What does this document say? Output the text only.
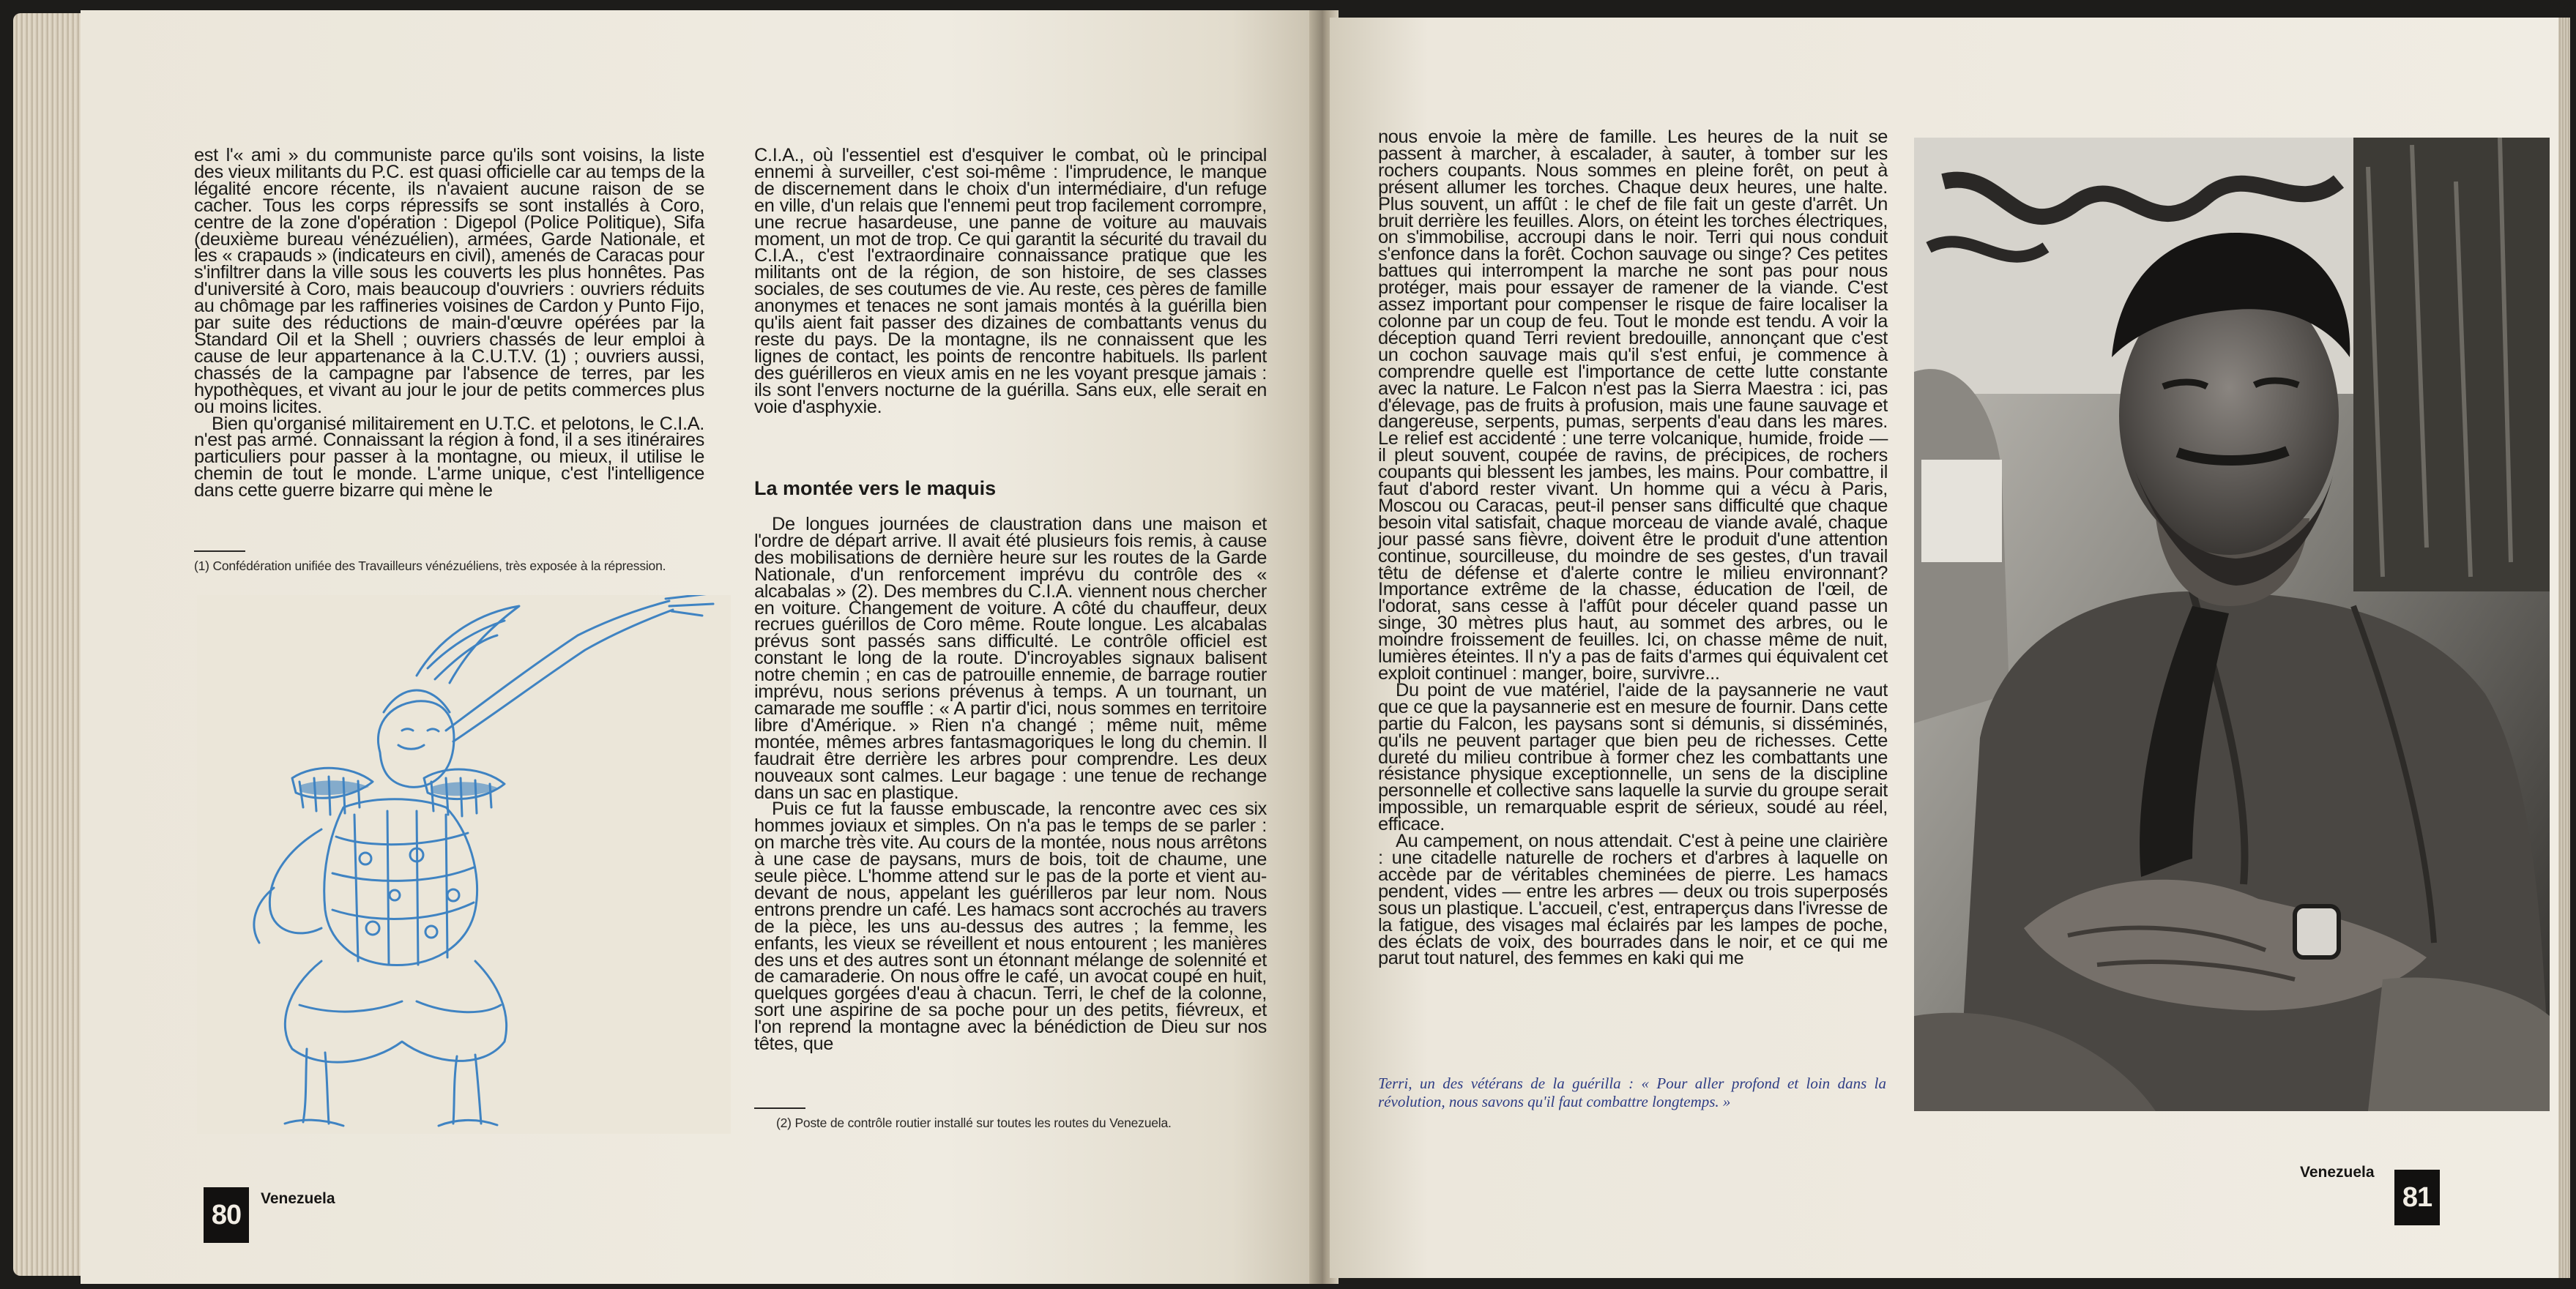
est l'« ami » du communiste parce qu'ils sont voisins, la liste des vieux militants du P.C. est quasi officielle car au temps de la légalité encore récente, ils n'avaient aucune raison de se cacher. Tous les corps répressifs se sont installés à Coro, centre de la zone d'opération : Digepol (Police Politique), Sifa (deuxième bureau vénézuélien), armées, Garde Nationale, et les « crapauds » (indicateurs en civil), amenés de Caracas pour s'infiltrer dans la ville sous les couverts les plus honnêtes. Pas d'université à Coro, mais beaucoup d'ouvriers : ouvriers réduits au chômage par les raffineries voisines de Cardon y Punto Fijo, par suite des réductions de main-d'œuvre opérées par la Standard Oil et la Shell ; ouvriers chassés de leur emploi à cause de leur appartenance à la C.U.T.V. (1) ; ouvriers aussi, chassés de la campagne par l'absence de terres, par les hypothèques, et vivant au jour le jour de petits commerces plus ou moins licites.

Bien qu'organisé militairement en U.T.C. et pelotons, le C.I.A. n'est pas armé. Connaissant la région à fond, il a ses itinéraires particuliers pour passer à la montagne, ou mieux, il utilise le chemin de tout le monde. L'arme unique, c'est l'intelligence dans cette guerre bizarre qui mène le

(1) Confédération unifiée des Travailleurs vénézuéliens, très exposée à la répression.

C.I.A., où l'essentiel est d'esquiver le combat, où le principal ennemi à surveiller, c'est soi-même : l'imprudence, le manque de discernement dans le choix d'un intermédiaire, d'un refuge en ville, d'un relais que l'ennemi peut trop facilement corrompre, une recrue hasardeuse, une panne de voiture au mauvais moment, un mot de trop. Ce qui garantit la sécurité du travail du C.I.A., c'est l'extraordinaire connaissance pratique que les militants ont de la région, de son histoire, de ses classes sociales, de ses coutumes de vie. Au reste, ces pères de famille anonymes et tenaces ne sont jamais montés à la guérilla bien qu'ils aient fait passer des dizaines de combattants venus du reste du pays. De la montagne, ils ne connaissent que les lignes de contact, les points de rencontre habituels. Ils parlent des guérilleros en vieux amis en ne les voyant presque jamais : ils sont l'envers nocturne de la guérilla. Sans eux, elle serait en voie d'asphyxie.

La montée vers le maquis

De longues journées de claustration dans une maison et l'ordre de départ arrive. Il avait été plusieurs fois remis, à cause des mobilisations de dernière heure sur les routes de la Garde Nationale, d'un renforcement imprévu du contrôle des « alcabalas » (2). Des membres du C.I.A. viennent nous chercher en voiture. Changement de voiture. A côté du chauffeur, deux recrues guérillos de Coro même. Route longue. Les alcabalas prévus sont passés sans difficulté. Le contrôle officiel est constant le long de la route. D'incroyables signaux balisent notre chemin ; en cas de patrouille ennemie, de barrage routier imprévu, nous serions prévenus à temps. A un tournant, un camarade me souffle : « A partir d'ici, nous sommes en territoire libre d'Amérique. » Rien n'a changé ; même nuit, même montée, mêmes arbres fantasmagoriques le long du chemin. Il faudrait être derrière les arbres pour comprendre. Les deux nouveaux sont calmes. Leur bagage : une tenue de rechange dans un sac en plastique.

Puis ce fut la fausse embuscade, la rencontre avec ces six hommes joviaux et simples. On n'a pas le temps de se parler : on marche très vite. Au cours de la montée, nous nous arrêtons à une case de paysans, murs de bois, toit de chaume, une seule pièce. L'homme attend sur le pas de la porte et vient au-devant de nous, appelant les guérilleros par leur nom. Nous entrons prendre un café. Les hamacs sont accrochés au travers de la pièce, les uns au-dessus des autres ; la femme, les enfants, les vieux se réveillent et nous entourent ; les manières des uns et des autres sont un étonnant mélange de solennité et de camaraderie. On nous offre le café, un avocat coupé en huit, quelques gorgées d'eau à chacun. Terri, le chef de la colonne, sort une aspirine de sa poche pour un des petits, fiévreux, et l'on reprend la montagne avec la bénédiction de Dieu sur nos têtes, que

(2) Poste de contrôle routier installé sur toutes les routes du Venezuela.
80
Venezuela

nous envoie la mère de famille. Les heures de la nuit se passent à marcher, à escalader, à sauter, à tomber sur les rochers coupants. Nous sommes en pleine forêt, on peut à présent allumer les torches. Chaque deux heures, une halte. Plus souvent, un affût : le chef de file fait un geste d'arrêt. Un bruit derrière les feuilles. Alors, on éteint les torches électriques, on s'immobilise, accroupi dans le noir. Terri qui nous conduit s'enfonce dans la forêt. Cochon sauvage ou singe? Ces petites battues qui interrompent la marche ne sont pas pour nous protéger, mais pour essayer de ramener de la viande. C'est assez important pour compenser le risque de faire localiser la colonne par un coup de feu. Tout le monde est tendu. A voir la déception quand Terri revient bredouille, annonçant que c'est un cochon sauvage mais qu'il s'est enfui, je commence à comprendre quelle est l'importance de cette lutte constante avec la nature. Le Falcon n'est pas la Sierra Maestra : ici, pas d'élevage, pas de fruits à profusion, mais une faune sauvage et dangereuse, serpents, pumas, serpents d'eau dans les mares. Le relief est accidenté : une terre volcanique, humide, froide — il pleut souvent, coupée de ravins, de précipices, de rochers coupants qui blessent les jambes, les mains. Pour combattre, il faut d'abord rester vivant. Un homme qui a vécu à Paris, Moscou ou Caracas, peut-il penser sans difficulté que chaque besoin vital satisfait, chaque morceau de viande avalé, chaque jour passé sans fièvre, doivent être le produit d'une attention continue, sourcilleuse, du moindre de ses gestes, d'un travail têtu de défense et d'alerte contre le milieu environnant? Importance extrême de la chasse, éducation de l'œil, de l'odorat, sans cesse à l'affût pour déceler quand passe un singe, 30 mètres plus haut, au sommet des arbres, ou le moindre froissement de feuilles. Ici, on chasse même de nuit, lumières éteintes. Il n'y a pas de faits d'armes qui équivalent cet exploit continuel : manger, boire, survivre...

Du point de vue matériel, l'aide de la paysannerie ne vaut que ce que la paysannerie est en mesure de fournir. Dans cette partie du Falcon, les paysans sont si démunis, si disséminés, qu'ils ne peuvent partager que bien peu de richesses. Cette dureté du milieu contribue à former chez les combattants une résistance physique exceptionnelle, un sens de la discipline personnelle et collective sans laquelle la survie du groupe serait impossible, un remarquable esprit de sérieux, soudé au réel, efficace.

Au campement, on nous attendait. C'est à peine une clairière : une citadelle naturelle de rochers et d'arbres à laquelle on accède par de véritables cheminées de pierre. Les hamacs pendent, vides — entre les arbres — deux ou trois superposés sous un plastique. L'accueil, c'est, entraperçus dans l'ivresse de la fatigue, des visages mal éclairés par les lampes de poche, des éclats de voix, des bourrades dans le noir, et ce qui me parut tout naturel, des femmes en kaki qui me

Terri, un des vétérans de la guérilla : « Pour aller profond et loin dans la révolution, nous savons qu'il faut combattre longtemps. »
Venezuela
81
